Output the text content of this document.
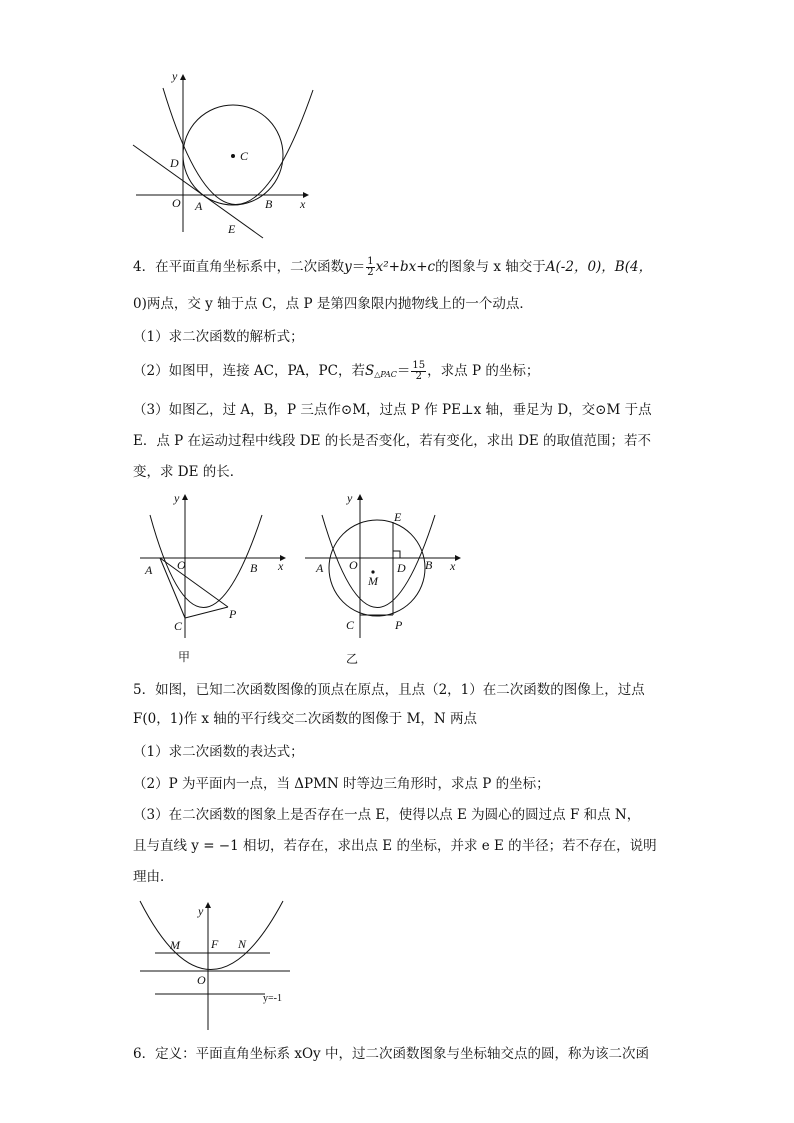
y
x
O A	B
C
D
E

4．在平面直角坐标系中，二次函数$y= \frac{1}{2} x^2+bx+c$的图象与 x 轴交于A(-2，0)，B(4，

0)两点，交 y 轴于点 C，点 P 是第四象限内抛物线上的一个动点．

（1）求二次函数的解析式；

（2）如图甲，连接 AC，PA，PC，若$S_{\triangle PAC}= \frac{15}{2}$ ，求点 P 的坐标；

（3）如图乙，过 A，B，P 三点作⊙M，过点 P 作 PE⊥x 轴，垂足为 D，交⊙M 于点

E．点 P 在运动过程中线段 DE 的长是否变化，若有变化，求出 DE 的取值范围；若不

变，求 DE 的长．

y
x
O
A	B
C
P
甲
y
x
O
A	B
C	P
D
E
M
乙

5．如图，已知二次函数图像的顶点在原点，且点（2，1）在二次函数的图像上，过点

F(0，1)作 x 轴的平行线交二次函数的图像于 M，N 两点

（1）求二次函数的表达式；

（2）P 为平面内一点，当 ΔPMN 时等边三角形时，求点 P 的坐标；

（3）在二次函数的图象上是否存在一点 E，使得以点 E 为圆心的圆过点 F 和点 N，

且与直线 y = −1 相切，若存在，求出点 E 的坐标，并求 e E 的半径；若不存在，说明

理由．

y
M	F N
O
y=-1

6．定义：平面直角坐标系 xOy 中，过二次函数图象与坐标轴交点的圆，称为该二次函
